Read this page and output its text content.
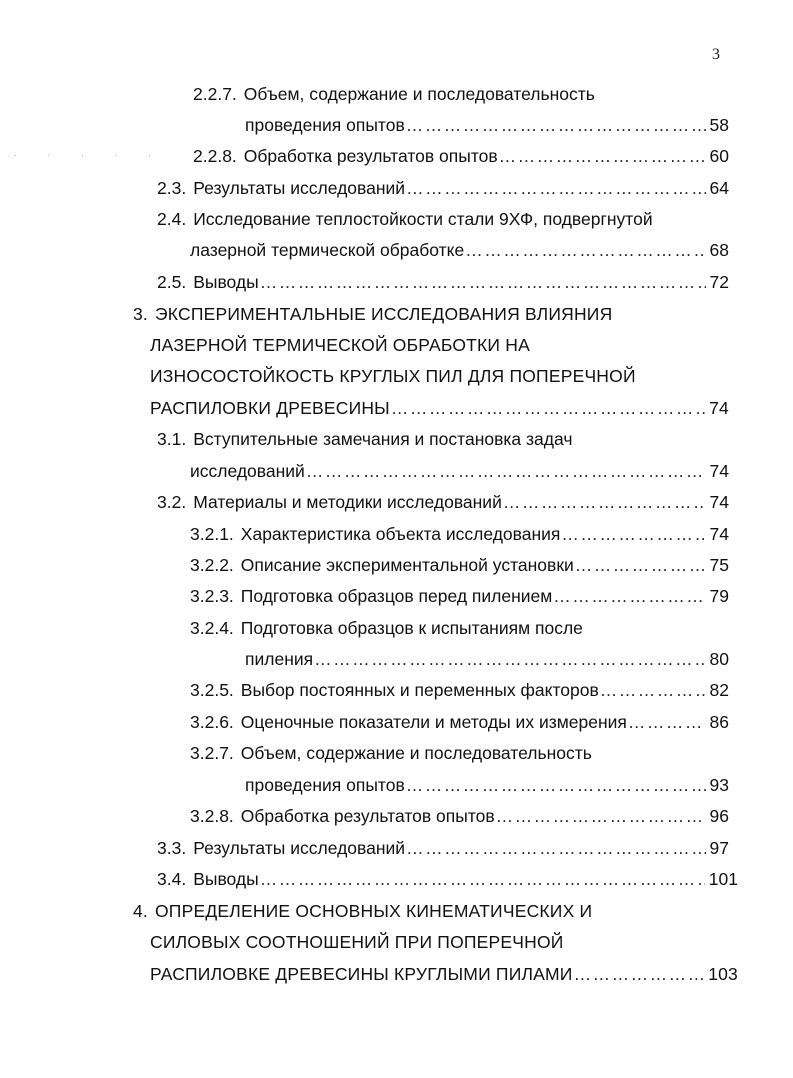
3
· · · · ·
2.2.7. Объем, содержание и последовательность
проведения опытов …………………………………………………………………………………………………………………………………………………………………………………………	58
2.2.8. Обработка результатов опытов …………………………………………………………………………………………………………………………………………………………………………………………	60
2.3. Результаты исследований …………………………………………………………………………………………………………………………………………………………………………………………	64
2.4. Исследование теплостойкости стали 9ХФ, подвергнутой
лазерной термической обработке …………………………………………………………………………………………………………………………………………………………………………………………	68
2.5. Выводы …………………………………………………………………………………………………………………………………………………………………………………………	72
3. ЭКСПЕРИМЕНТАЛЬНЫЕ ИССЛЕДОВАНИЯ ВЛИЯНИЯ
ЛАЗЕРНОЙ ТЕРМИЧЕСКОЙ ОБРАБОТКИ НА
ИЗНОСОСТОЙКОСТЬ КРУГЛЫХ ПИЛ ДЛЯ ПОПЕРЕЧНОЙ
РАСПИЛОВКИ ДРЕВЕСИНЫ …………………………………………………………………………………………………………………………………………………………………………………………	74
3.1. Вступительные замечания и постановка задач
исследований …………………………………………………………………………………………………………………………………………………………………………………………	74
3.2. Материалы и методики исследований …………………………………………………………………………………………………………………………………………………………………………………………	74
3.2.1. Характеристика объекта исследования …………………………………………………………………………………………………………………………………………………………………………………………	74
3.2.2. Описание экспериментальной установки …………………………………………………………………………………………………………………………………………………………………………………………	75
3.2.3. Подготовка образцов перед пилением …………………………………………………………………………………………………………………………………………………………………………………………	79
3.2.4. Подготовка образцов к испытаниям после
пиления …………………………………………………………………………………………………………………………………………………………………………………………	80
3.2.5. Выбор постоянных и переменных факторов …………………………………………………………………………………………………………………………………………………………………………………………	82
3.2.6. Оценочные показатели и методы их измерения …………………………………………………………………………………………………………………………………………………………………………………………	86
3.2.7. Объем, содержание и последовательность
проведения опытов …………………………………………………………………………………………………………………………………………………………………………………………	93
3.2.8. Обработка результатов опытов …………………………………………………………………………………………………………………………………………………………………………………………	96
3.3. Результаты исследований …………………………………………………………………………………………………………………………………………………………………………………………	97
3.4. Выводы …………………………………………………………………………………………………………………………………………………………………………………………	101
4. ОПРЕДЕЛЕНИЕ ОСНОВНЫХ КИНЕМАТИЧЕСКИХ И
СИЛОВЫХ СООТНОШЕНИЙ ПРИ ПОПЕРЕЧНОЙ
РАСПИЛОВКЕ ДРЕВЕСИНЫ КРУГЛЫМИ ПИЛАМИ …………………………………………………………………………………………………………………………………………………………………………………………	103
